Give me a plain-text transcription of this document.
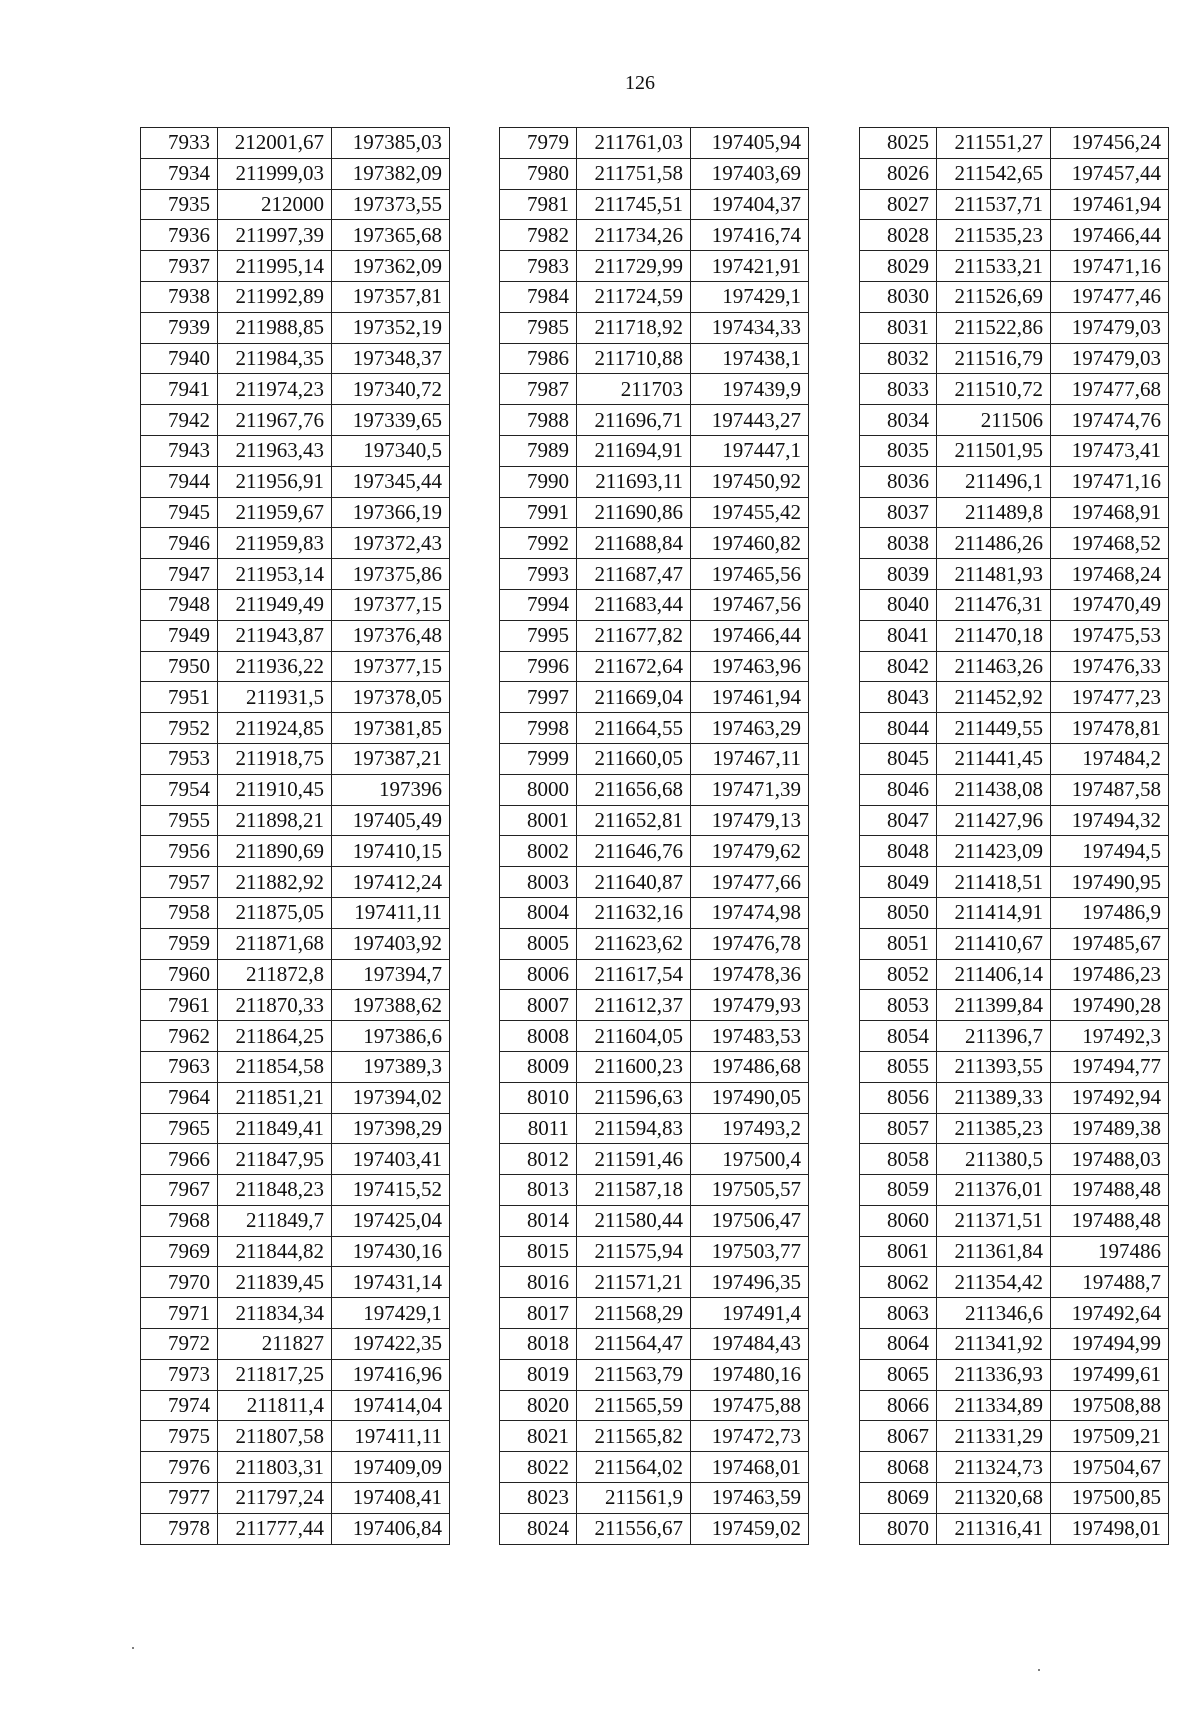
126
7933	212001,67	197385,03
7934	211999,03	197382,09
7935	212000	197373,55
7936	211997,39	197365,68
7937	211995,14	197362,09
7938	211992,89	197357,81
7939	211988,85	197352,19
7940	211984,35	197348,37
7941	211974,23	197340,72
7942	211967,76	197339,65
7943	211963,43	197340,5
7944	211956,91	197345,44
7945	211959,67	197366,19
7946	211959,83	197372,43
7947	211953,14	197375,86
7948	211949,49	197377,15
7949	211943,87	197376,48
7950	211936,22	197377,15
7951	211931,5	197378,05
7952	211924,85	197381,85
7953	211918,75	197387,21
7954	211910,45	197396
7955	211898,21	197405,49
7956	211890,69	197410,15
7957	211882,92	197412,24
7958	211875,05	197411,11
7959	211871,68	197403,92
7960	211872,8	197394,7
7961	211870,33	197388,62
7962	211864,25	197386,6
7963	211854,58	197389,3
7964	211851,21	197394,02
7965	211849,41	197398,29
7966	211847,95	197403,41
7967	211848,23	197415,52
7968	211849,7	197425,04
7969	211844,82	197430,16
7970	211839,45	197431,14
7971	211834,34	197429,1
7972	211827	197422,35
7973	211817,25	197416,96
7974	211811,4	197414,04
7975	211807,58	197411,11
7976	211803,31	197409,09
7977	211797,24	197408,41
7978	211777,44	197406,84
7979	211761,03	197405,94
7980	211751,58	197403,69
7981	211745,51	197404,37
7982	211734,26	197416,74
7983	211729,99	197421,91
7984	211724,59	197429,1
7985	211718,92	197434,33
7986	211710,88	197438,1
7987	211703	197439,9
7988	211696,71	197443,27
7989	211694,91	197447,1
7990	211693,11	197450,92
7991	211690,86	197455,42
7992	211688,84	197460,82
7993	211687,47	197465,56
7994	211683,44	197467,56
7995	211677,82	197466,44
7996	211672,64	197463,96
7997	211669,04	197461,94
7998	211664,55	197463,29
7999	211660,05	197467,11
8000	211656,68	197471,39
8001	211652,81	197479,13
8002	211646,76	197479,62
8003	211640,87	197477,66
8004	211632,16	197474,98
8005	211623,62	197476,78
8006	211617,54	197478,36
8007	211612,37	197479,93
8008	211604,05	197483,53
8009	211600,23	197486,68
8010	211596,63	197490,05
8011	211594,83	197493,2
8012	211591,46	197500,4
8013	211587,18	197505,57
8014	211580,44	197506,47
8015	211575,94	197503,77
8016	211571,21	197496,35
8017	211568,29	197491,4
8018	211564,47	197484,43
8019	211563,79	197480,16
8020	211565,59	197475,88
8021	211565,82	197472,73
8022	211564,02	197468,01
8023	211561,9	197463,59
8024	211556,67	197459,02
8025	211551,27	197456,24
8026	211542,65	197457,44
8027	211537,71	197461,94
8028	211535,23	197466,44
8029	211533,21	197471,16
8030	211526,69	197477,46
8031	211522,86	197479,03
8032	211516,79	197479,03
8033	211510,72	197477,68
8034	211506	197474,76
8035	211501,95	197473,41
8036	211496,1	197471,16
8037	211489,8	197468,91
8038	211486,26	197468,52
8039	211481,93	197468,24
8040	211476,31	197470,49
8041	211470,18	197475,53
8042	211463,26	197476,33
8043	211452,92	197477,23
8044	211449,55	197478,81
8045	211441,45	197484,2
8046	211438,08	197487,58
8047	211427,96	197494,32
8048	211423,09	197494,5
8049	211418,51	197490,95
8050	211414,91	197486,9
8051	211410,67	197485,67
8052	211406,14	197486,23
8053	211399,84	197490,28
8054	211396,7	197492,3
8055	211393,55	197494,77
8056	211389,33	197492,94
8057	211385,23	197489,38
8058	211380,5	197488,03
8059	211376,01	197488,48
8060	211371,51	197488,48
8061	211361,84	197486
8062	211354,42	197488,7
8063	211346,6	197492,64
8064	211341,92	197494,99
8065	211336,93	197499,61
8066	211334,89	197508,88
8067	211331,29	197509,21
8068	211324,73	197504,67
8069	211320,68	197500,85
8070	211316,41	197498,01
